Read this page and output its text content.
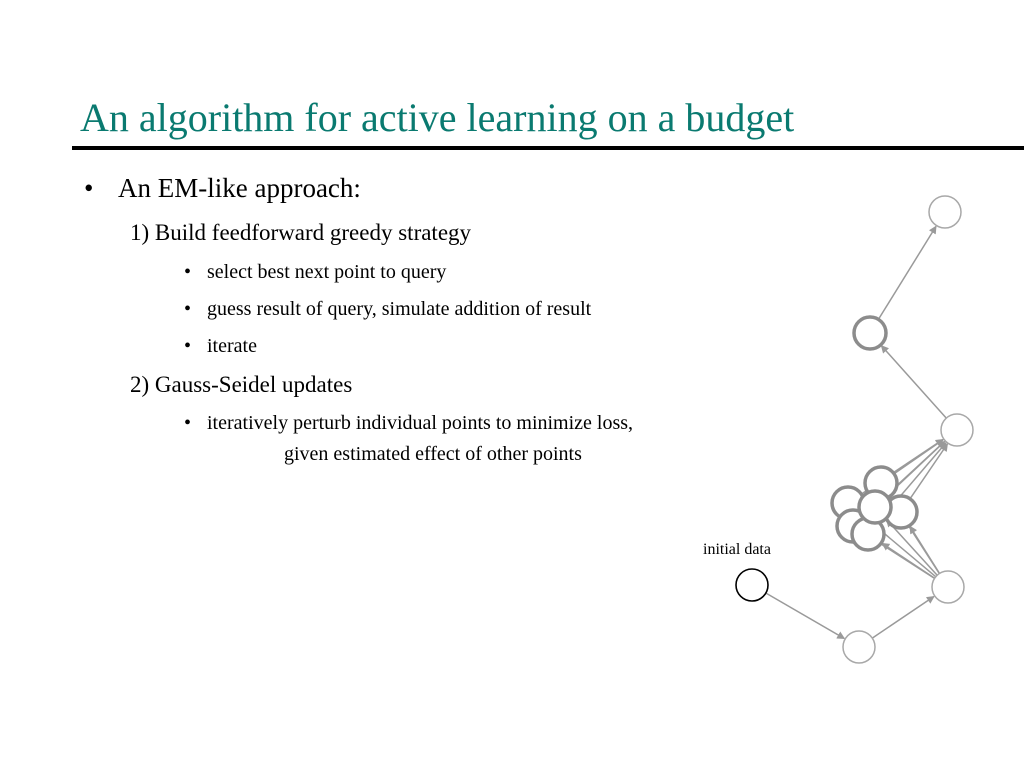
An algorithm for active learning on a budget
• An EM-like approach:
1) Build feedforward greedy strategy
• select best next point to query
• guess result of query, simulate addition of result
• iterate
2) Gauss-Seidel updates
• iteratively perturb individual points to minimize loss,
given estimated effect of other points
initial data
